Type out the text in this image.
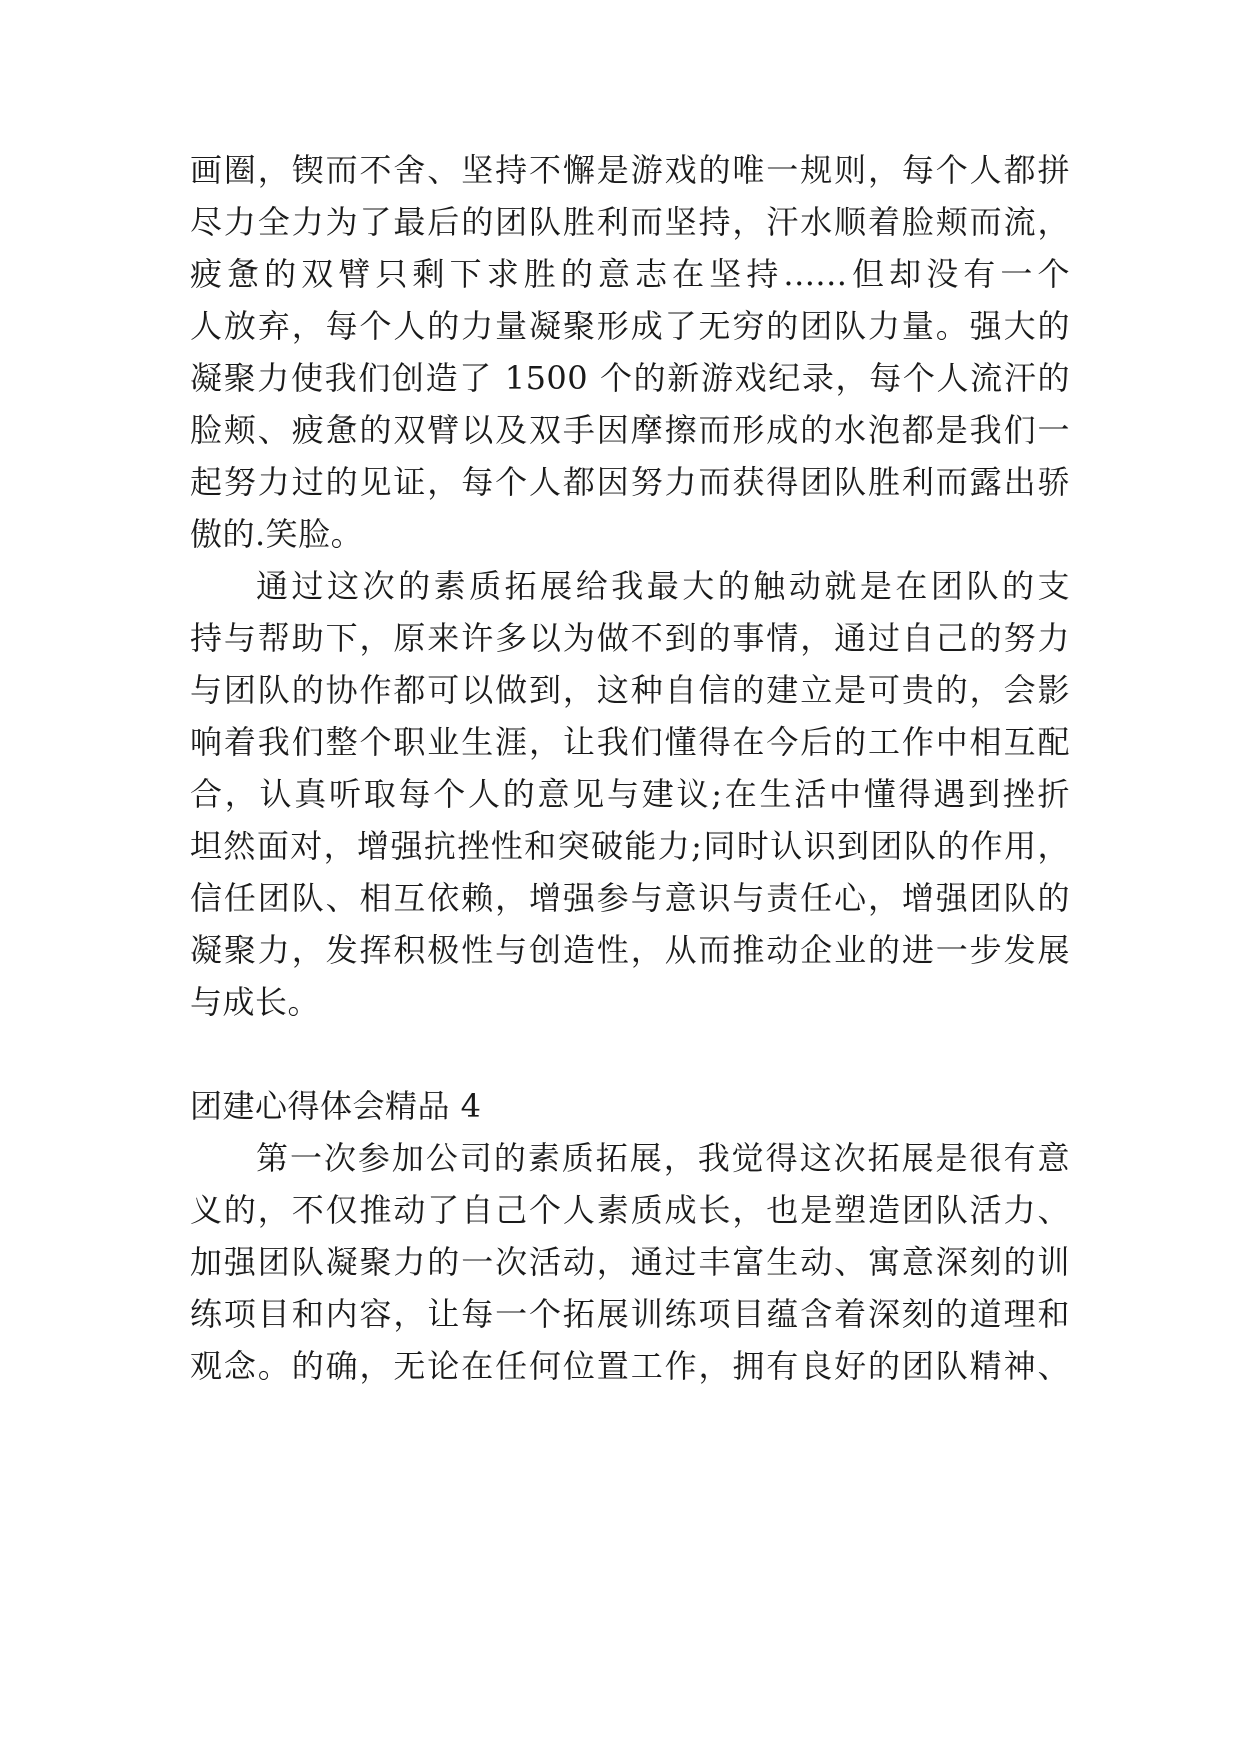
画圈，锲而不舍、坚持不懈是游戏的唯一规则，每个人都拼
尽力全力为了最后的团队胜利而坚持，汗水顺着脸颊而流，
疲惫的双臂只剩下求胜的意志在坚持......但却没有一个
人放弃，每个人的力量凝聚形成了无穷的团队力量。强大的
凝聚力使我们创造了 1500 个的新游戏纪录，每个人流汗的
脸颊、疲惫的双臂以及双手因摩擦而形成的水泡都是我们一
起努力过的见证，每个人都因努力而获得团队胜利而露出骄
傲的.笑脸。
通过这次的素质拓展给我最大的触动就是在团队的支
持与帮助下，原来许多以为做不到的事情，通过自己的努力
与团队的协作都可以做到，这种自信的建立是可贵的，会影
响着我们整个职业生涯，让我们懂得在今后的工作中相互配
合，认真听取每个人的意见与建议;在生活中懂得遇到挫折
坦然面对，增强抗挫性和突破能力;同时认识到团队的作用，
信任团队、相互依赖，增强参与意识与责任心，增强团队的
凝聚力，发挥积极性与创造性，从而推动企业的进一步发展
与成长。
团建心得体会精品 4
第一次参加公司的素质拓展，我觉得这次拓展是很有意
义的，不仅推动了自己个人素质成长，也是塑造团队活力、
加强团队凝聚力的一次活动，通过丰富生动、寓意深刻的训
练项目和内容，让每一个拓展训练项目蕴含着深刻的道理和
观念。的确，无论在任何位置工作，拥有良好的团队精神、
